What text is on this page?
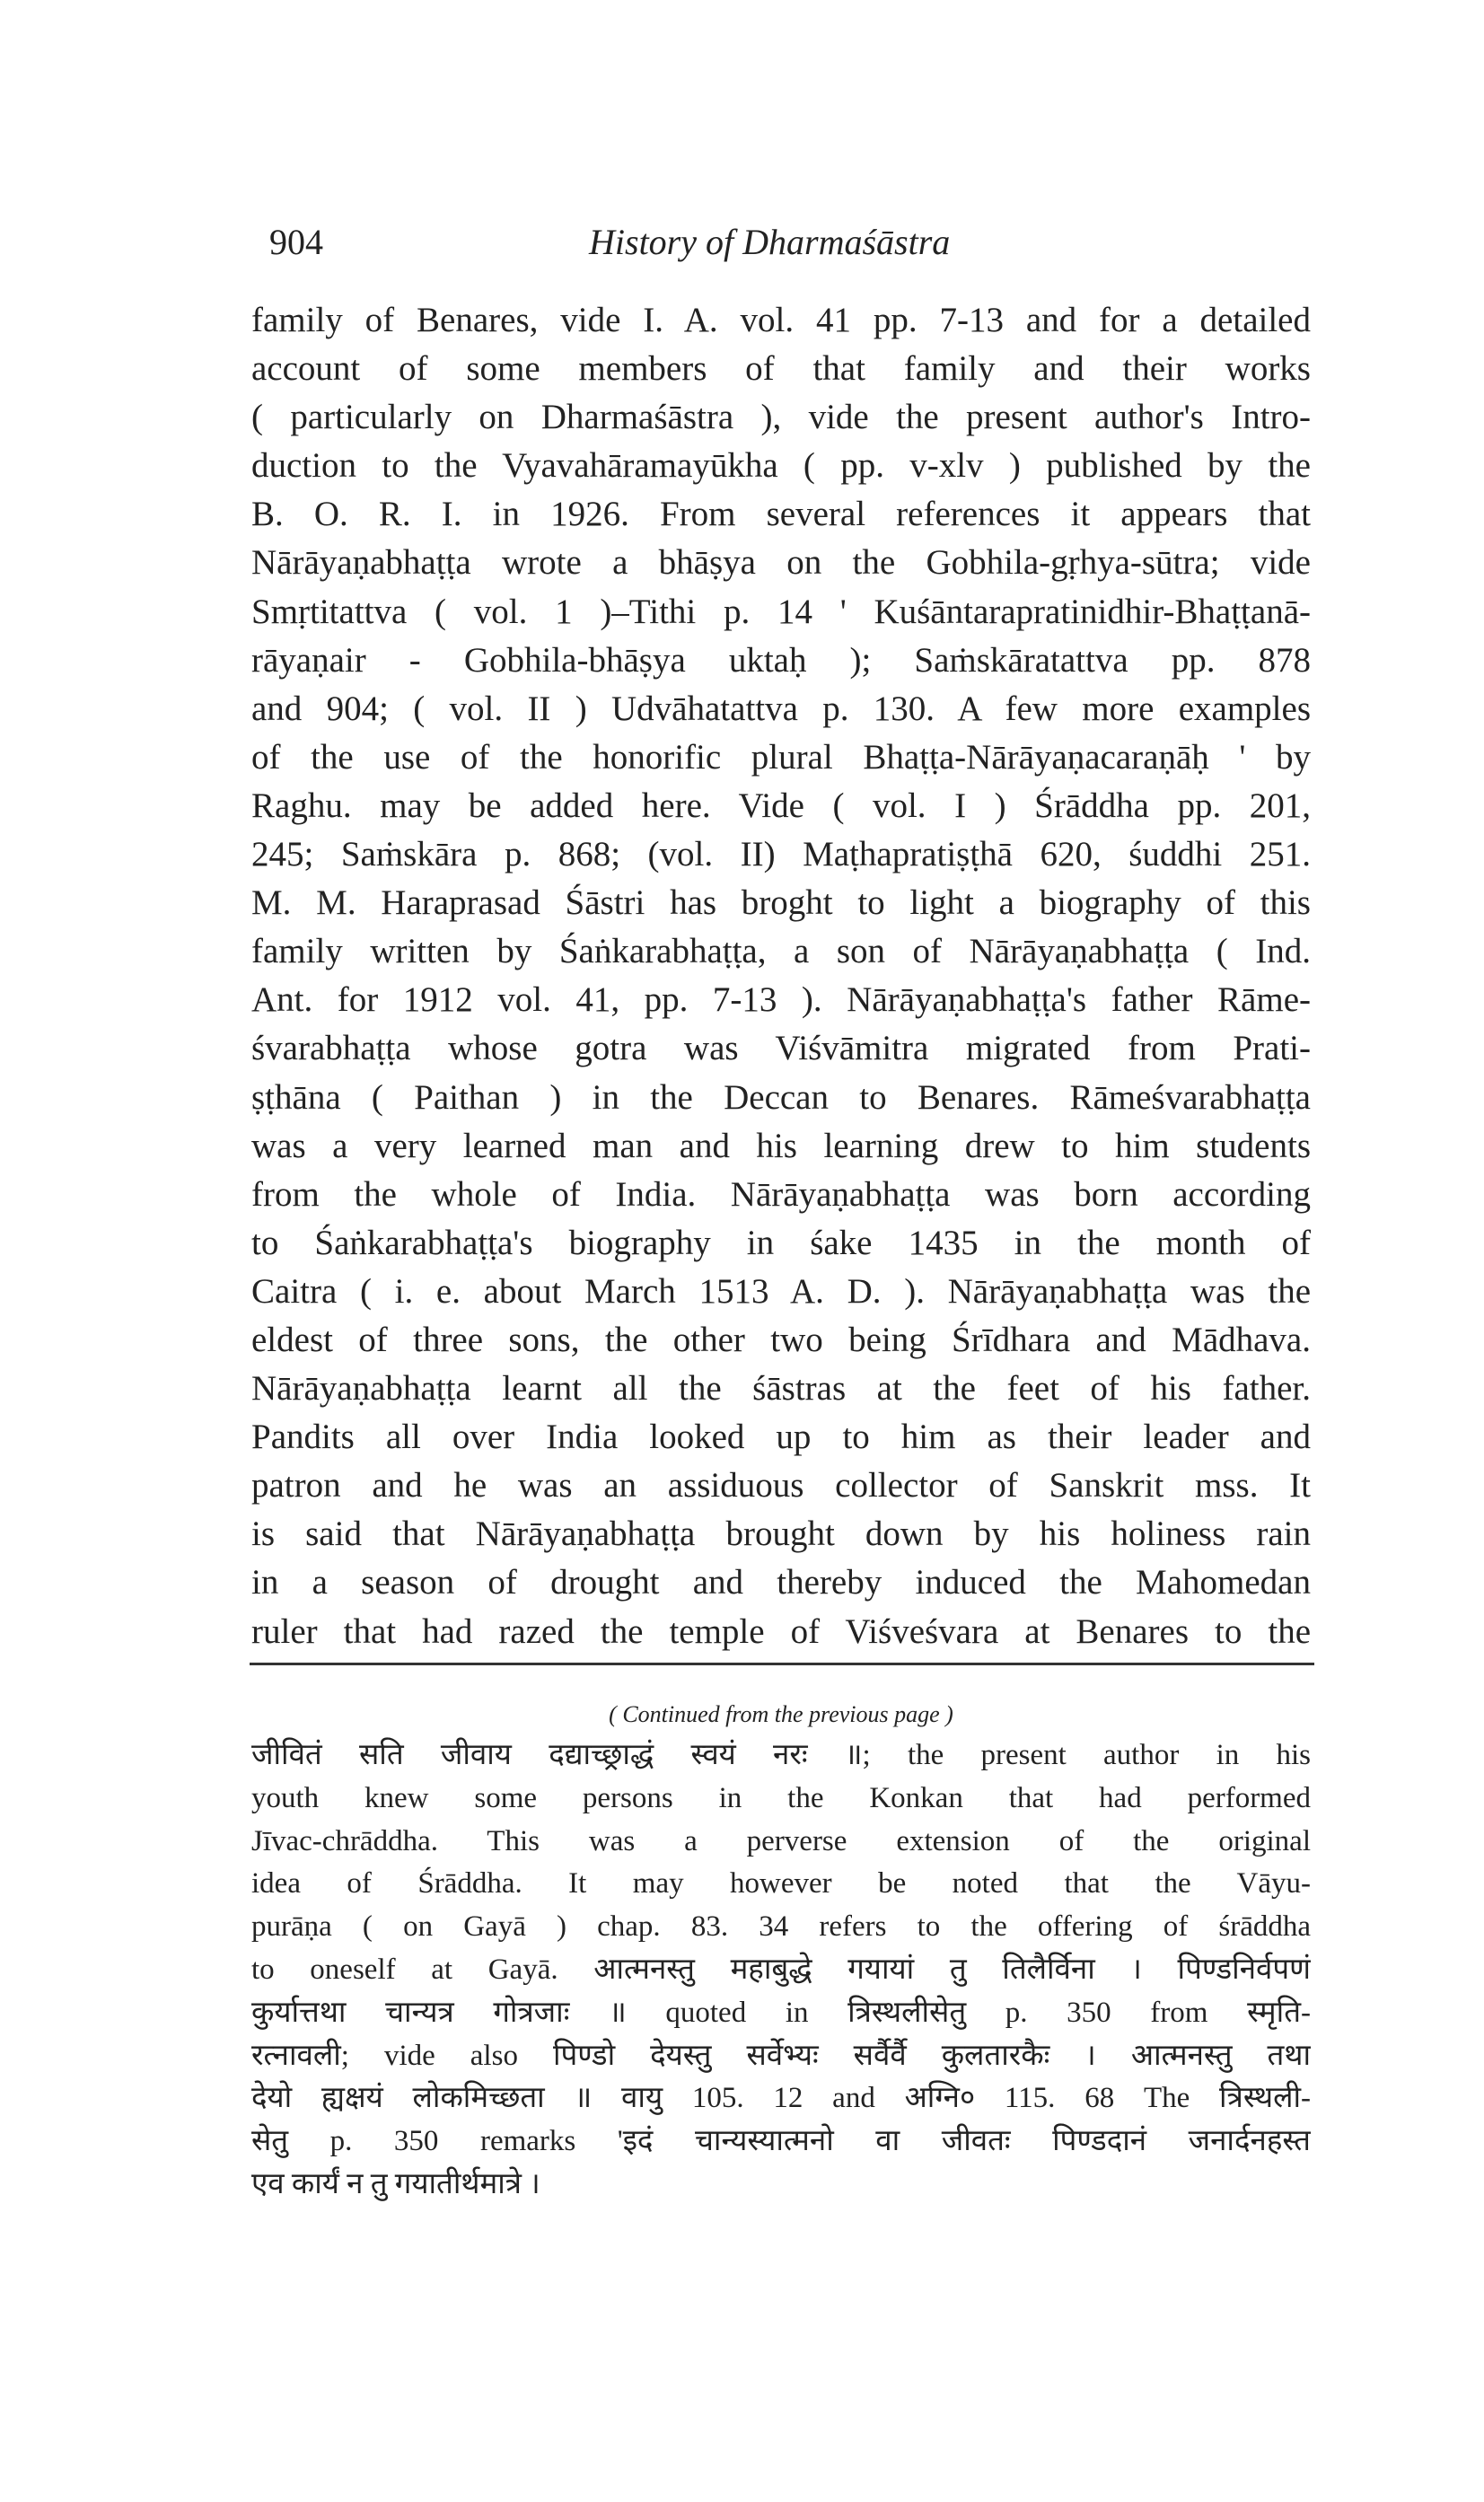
904	History of Dharmaśāstra
family of Benares, vide I. A. vol. 41 pp. 7-13 and for a detailed
account of some members of that family and their works
( particularly on Dharmaśāstra ), vide the present author's Intro-
duction to the Vyavahāramayūkha ( pp. v-xlv ) published by the
B. O. R. I. in 1926. From several references it appears that
Nārāyaṇabhaṭṭa wrote a bhāṣya on the Gobhila-gṛhya-sūtra; vide
Smṛtitattva ( vol. 1 )–Tithi p. 14 ' Kuśāntarapratinidhir-Bhaṭṭanā-
rāyaṇair - Gobhila-bhāṣya uktaḥ ); Saṁskāratattva pp. 878
and 904; ( vol. II ) Udvāhatattva p. 130. A few more examples
of the use of the honorific plural Bhaṭṭa-Nārāyaṇacaraṇāḥ ' by
Raghu. may be added here. Vide ( vol. I ) Śrāddha pp. 201,
245; Saṁskāra p. 868; (vol. II) Maṭhapratiṣṭhā 620, śuddhi 251.
M. M. Haraprasad Śāstri has broght to light a biography of this
family written by Śaṅkarabhaṭṭa, a son of Nārāyaṇabhaṭṭa ( Ind.
Ant. for 1912 vol. 41, pp. 7-13 ). Nārāyaṇabhaṭṭa's father Rāme-
śvarabhaṭṭa whose gotra was Viśvāmitra migrated from Prati-
ṣṭhāna ( Paithan ) in the Deccan to Benares. Rāmeśvarabhaṭṭa
was a very learned man and his learning drew to him students
from the whole of India. Nārāyaṇabhaṭṭa was born according
to Śaṅkarabhaṭṭa's biography in śake 1435 in the month of
Caitra ( i. e. about March 1513 A. D. ). Nārāyaṇabhaṭṭa was the
eldest of three sons, the other two being Śrīdhara and Mādhava.
Nārāyaṇabhaṭṭa learnt all the śāstras at the feet of his father.
Pandits all over India looked up to him as their leader and
patron and he was an assiduous collector of Sanskrit mss. It
is said that Nārāyaṇabhaṭṭa brought down by his holiness rain
in a season of drought and thereby induced the Mahomedan
ruler that had razed the temple of Viśveśvara at Benares to the
( Continued from the previous page )
जीवितं सति जीवाय दद्याच्छ्राद्धं स्वयं नरः ॥; the present author in his
youth knew some persons in the Konkan that had performed
Jīvac-chrāddha. This was a perverse extension of the original
idea of Śrāddha. It may however be noted that the Vāyu-
purāṇa ( on Gayā ) chap. 83. 34 refers to the offering of śrāddha
to oneself at Gayā. आत्मनस्तु महाबुद्धे गयायां तु तिलैर्विना । पिण्डनिर्वपणं
कुर्यात्तथा चान्यत्र गोत्रजाः ॥ quoted in त्रिस्थलीसेतु p. 350 from स्मृति-
रत्नावली; vide also पिण्डो देयस्तु सर्वेभ्यः सर्वैर्वै कुलतारकैः । आत्मनस्तु तथा
देयो ह्यक्षयं लोकमिच्छता ॥ वायु 105. 12 and अग्नि० 115. 68 The त्रिस्थली-
सेतु p. 350 remarks 'इदं चान्यस्यात्मनो वा जीवतः पिण्डदानं जनार्दनहस्त
एव कार्यं न तु गयातीर्थमात्रे ।
